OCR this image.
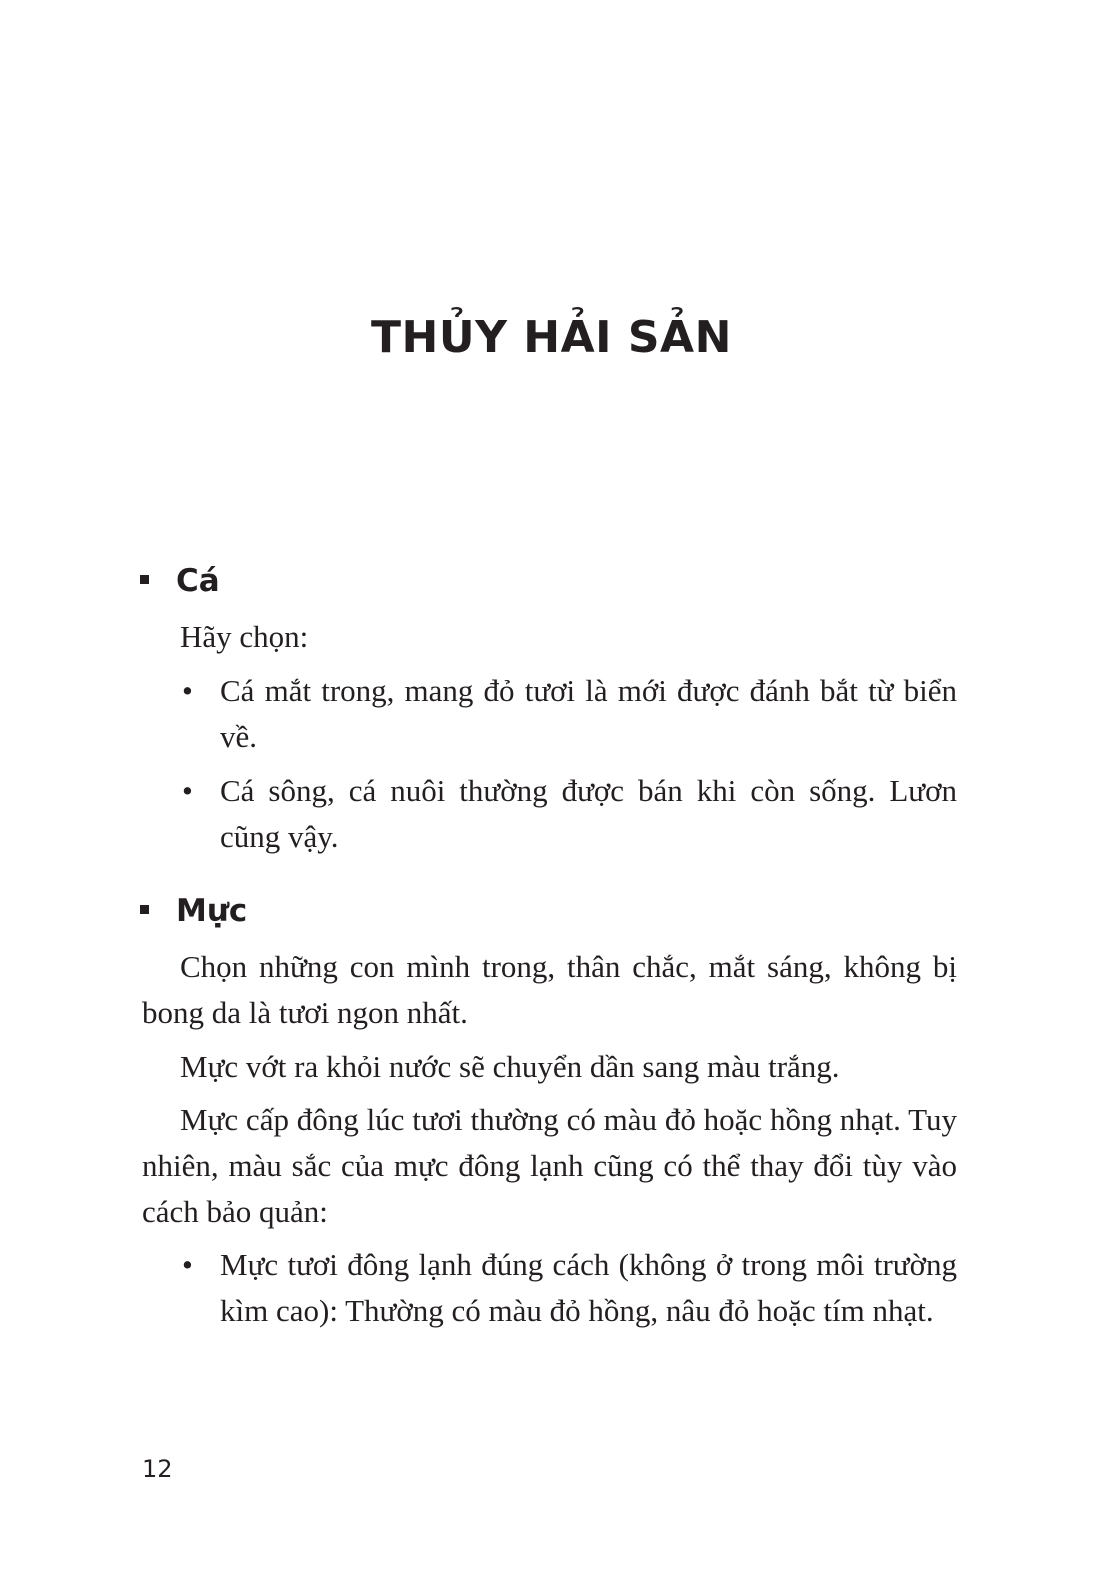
THỦY HẢI SẢN
Cá
Hãy chọn:
• Cá mắt trong, mang đỏ tươi là mới được đánh bắt từ biển về.
• Cá sông, cá nuôi thường được bán khi còn sống. Lươn cũng vậy.
Mực
Chọn những con mình trong, thân chắc, mắt sáng, không bị bong da là tươi ngon nhất.
Mực vớt ra khỏi nước sẽ chuyển dần sang màu trắng.
Mực cấp đông lúc tươi thường có màu đỏ hoặc hồng nhạt. Tuy nhiên, màu sắc của mực đông lạnh cũng có thể thay đổi tùy vào cách bảo quản:
• Mực tươi đông lạnh đúng cách (không ở trong môi trường kìm cao): Thường có màu đỏ hồng, nâu đỏ hoặc tím nhạt.
12
